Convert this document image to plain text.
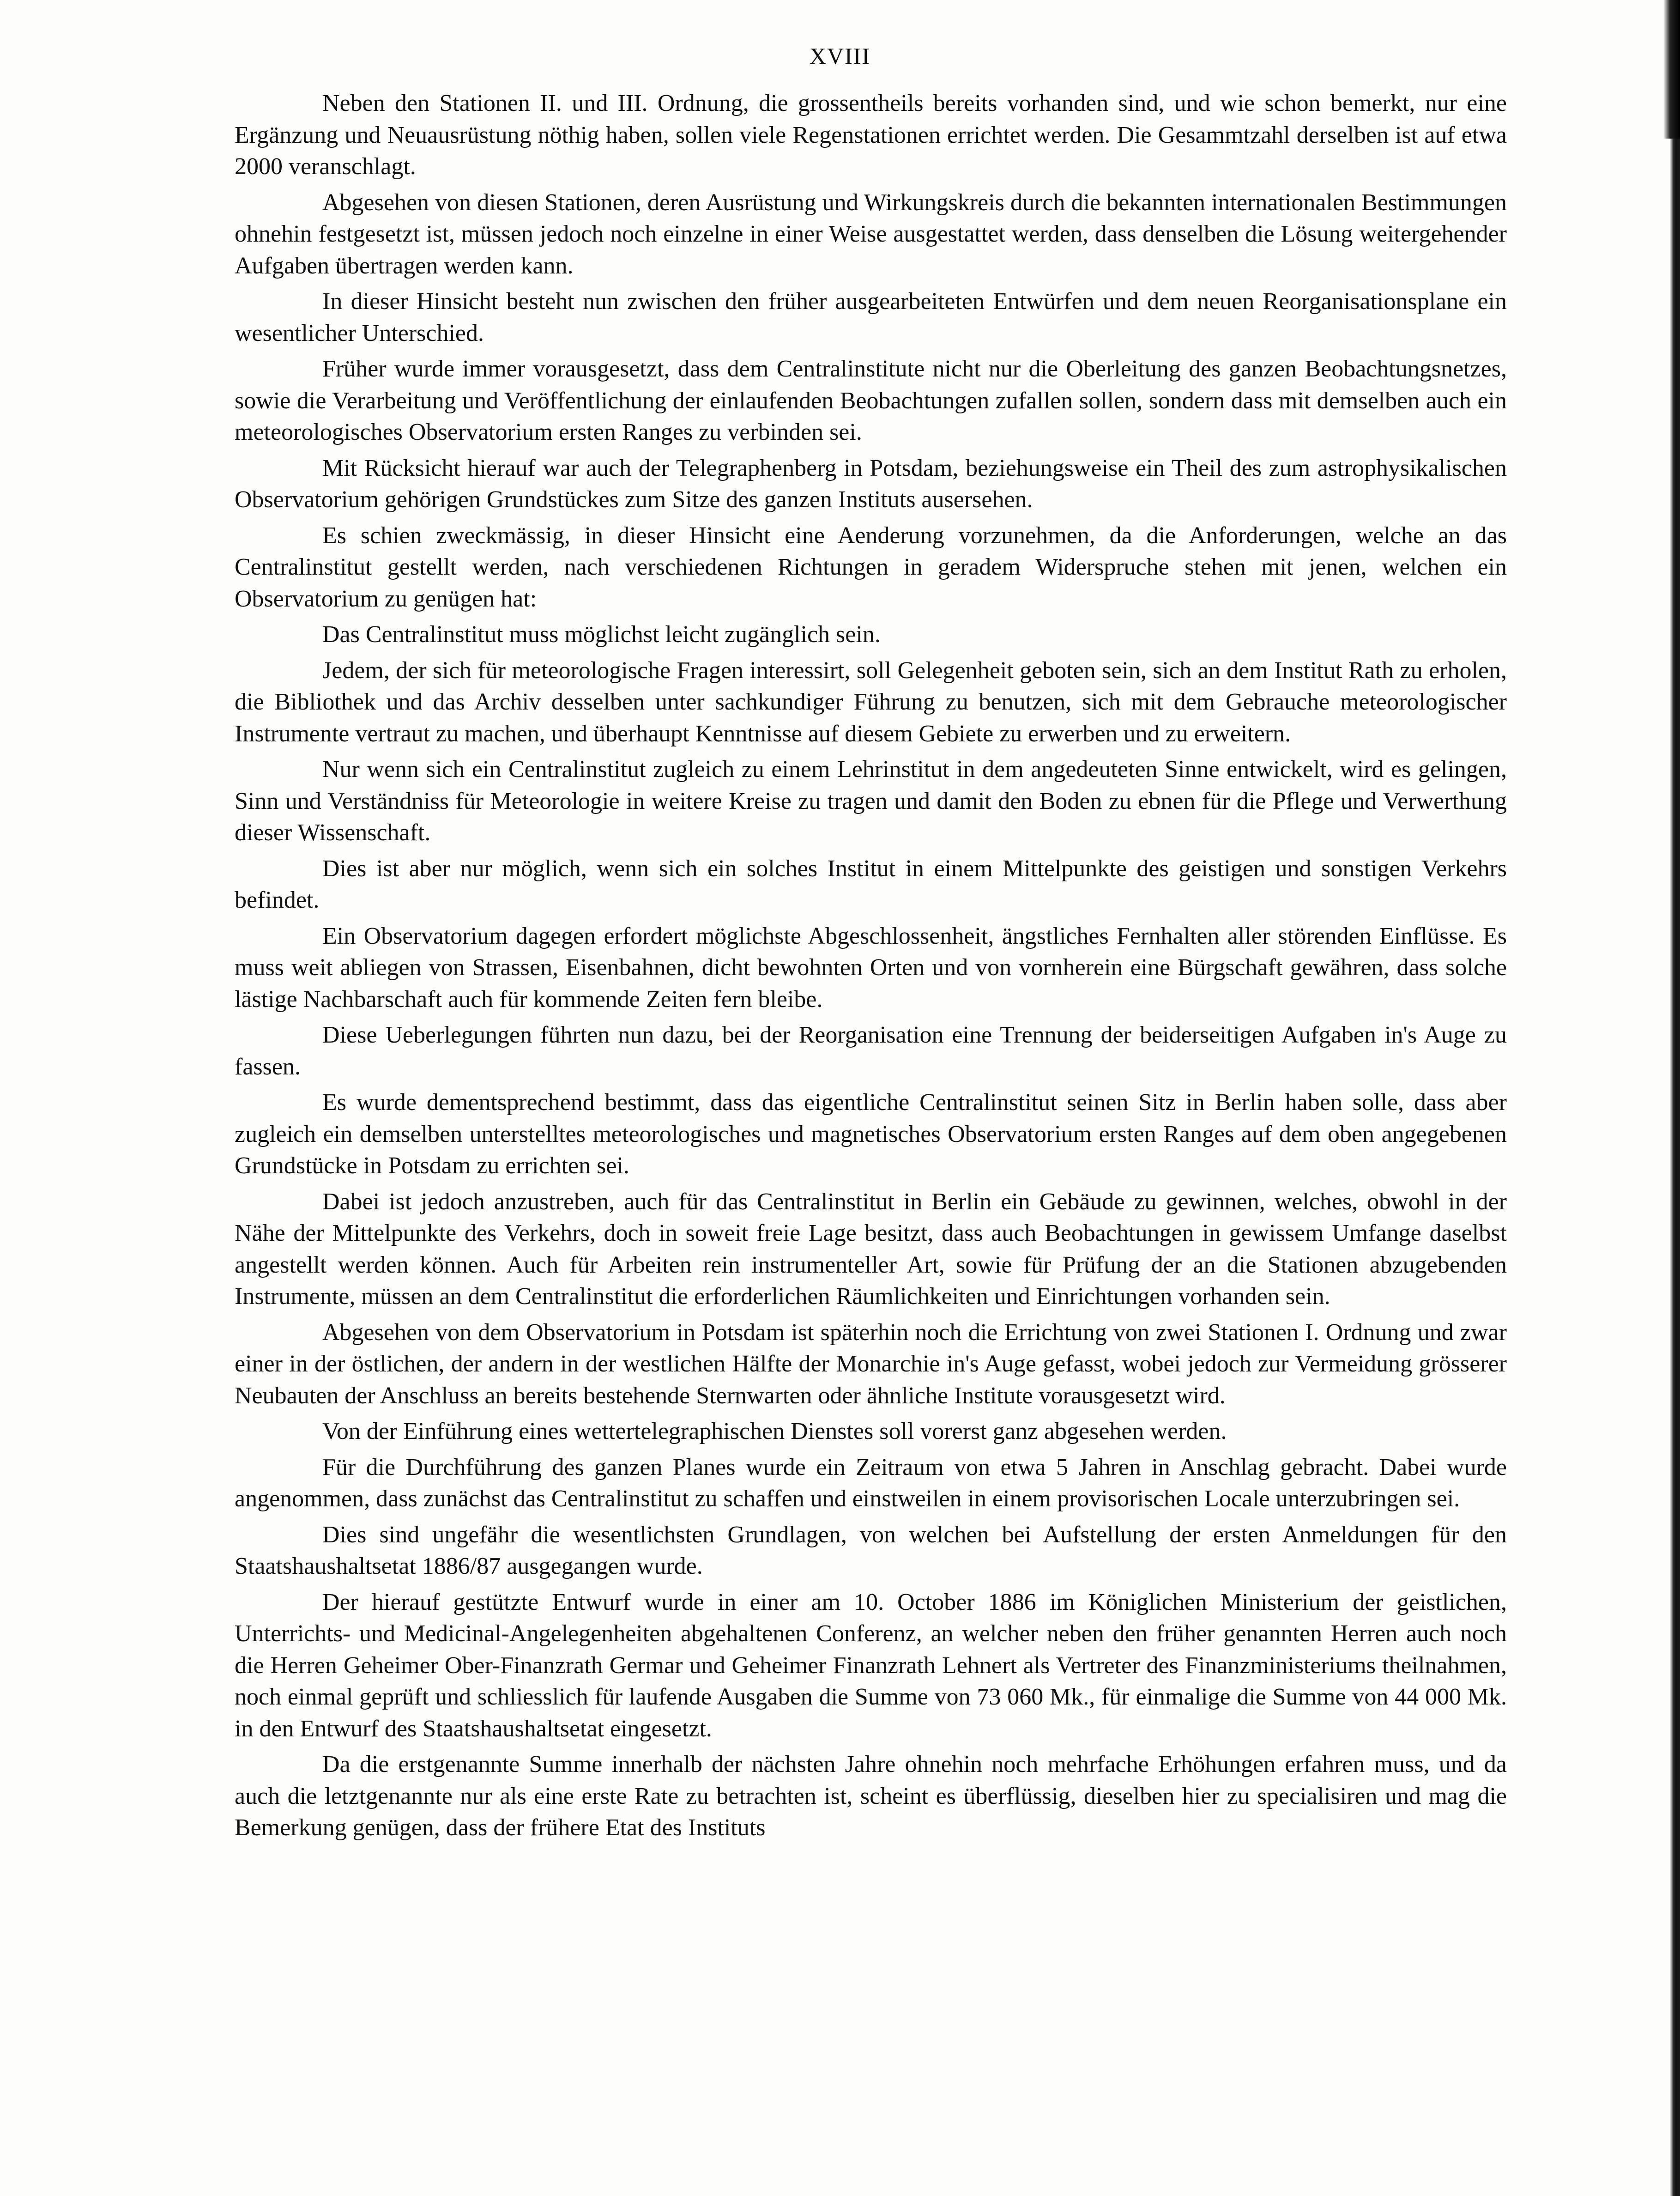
XVIII

Neben den Stationen II. und III. Ordnung, die grossentheils bereits vorhanden sind, und wie schon bemerkt, nur eine Ergänzung und Neuausrüstung nöthig haben, sollen viele Regenstationen errichtet werden. Die Gesammtzahl derselben ist auf etwa 2000 veranschlagt.

Abgesehen von diesen Stationen, deren Ausrüstung und Wirkungskreis durch die bekannten internationalen Bestimmungen ohnehin festgesetzt ist, müssen jedoch noch einzelne in einer Weise ausgestattet werden, dass denselben die Lösung weitergehender Aufgaben übertragen werden kann.

In dieser Hinsicht besteht nun zwischen den früher ausgearbeiteten Entwürfen und dem neuen Reorganisationsplane ein wesentlicher Unterschied.

Früher wurde immer vorausgesetzt, dass dem Centralinstitute nicht nur die Oberleitung des ganzen Beobachtungsnetzes, sowie die Verarbeitung und Veröffentlichung der einlaufenden Beobachtungen zufallen sollen, sondern dass mit demselben auch ein meteorologisches Observatorium ersten Ranges zu verbinden sei.

Mit Rücksicht hierauf war auch der Telegraphenberg in Potsdam, beziehungsweise ein Theil des zum astrophysikalischen Observatorium gehörigen Grundstückes zum Sitze des ganzen Instituts ausersehen.

Es schien zweckmässig, in dieser Hinsicht eine Aenderung vorzunehmen, da die Anforderungen, welche an das Centralinstitut gestellt werden, nach verschiedenen Richtungen in geradem Widerspruche stehen mit jenen, welchen ein Observatorium zu genügen hat:

Das Centralinstitut muss möglichst leicht zugänglich sein.

Jedem, der sich für meteorologische Fragen interessirt, soll Gelegenheit geboten sein, sich an dem Institut Rath zu erholen, die Bibliothek und das Archiv desselben unter sachkundiger Führung zu benutzen, sich mit dem Gebrauche meteorologischer Instrumente vertraut zu machen, und überhaupt Kenntnisse auf diesem Gebiete zu erwerben und zu erweitern.

Nur wenn sich ein Centralinstitut zugleich zu einem Lehrinstitut in dem angedeuteten Sinne entwickelt, wird es gelingen, Sinn und Verständniss für Meteorologie in weitere Kreise zu tragen und damit den Boden zu ebnen für die Pflege und Verwerthung dieser Wissenschaft.

Dies ist aber nur möglich, wenn sich ein solches Institut in einem Mittelpunkte des geistigen und sonstigen Verkehrs befindet.

Ein Observatorium dagegen erfordert möglichste Abgeschlossenheit, ängstliches Fernhalten aller störenden Einflüsse. Es muss weit abliegen von Strassen, Eisenbahnen, dicht bewohnten Orten und von vornherein eine Bürgschaft gewähren, dass solche lästige Nachbarschaft auch für kommende Zeiten fern bleibe.

Diese Ueberlegungen führten nun dazu, bei der Reorganisation eine Trennung der beiderseitigen Aufgaben in's Auge zu fassen.

Es wurde dementsprechend bestimmt, dass das eigentliche Centralinstitut seinen Sitz in Berlin haben solle, dass aber zugleich ein demselben unterstelltes meteorologisches und magnetisches Observatorium ersten Ranges auf dem oben angegebenen Grundstücke in Potsdam zu errichten sei.

Dabei ist jedoch anzustreben, auch für das Centralinstitut in Berlin ein Gebäude zu gewinnen, welches, obwohl in der Nähe der Mittelpunkte des Verkehrs, doch in soweit freie Lage besitzt, dass auch Beobachtungen in gewissem Umfange daselbst angestellt werden können. Auch für Arbeiten rein instrumenteller Art, sowie für Prüfung der an die Stationen abzugebenden Instrumente, müssen an dem Centralinstitut die erforderlichen Räumlichkeiten und Einrichtungen vorhanden sein.

Abgesehen von dem Observatorium in Potsdam ist späterhin noch die Errichtung von zwei Stationen I. Ordnung und zwar einer in der östlichen, der andern in der westlichen Hälfte der Monarchie in's Auge gefasst, wobei jedoch zur Vermeidung grösserer Neubauten der Anschluss an bereits bestehende Sternwarten oder ähnliche Institute vorausgesetzt wird.

Von der Einführung eines wettertelegraphischen Dienstes soll vorerst ganz abgesehen werden.

Für die Durchführung des ganzen Planes wurde ein Zeitraum von etwa 5 Jahren in Anschlag gebracht. Dabei wurde angenommen, dass zunächst das Centralinstitut zu schaffen und einstweilen in einem provisorischen Locale unterzubringen sei.

Dies sind ungefähr die wesentlichsten Grundlagen, von welchen bei Aufstellung der ersten Anmeldungen für den Staatshaushaltsetat 1886/87 ausgegangen wurde.

Der hierauf gestützte Entwurf wurde in einer am 10. October 1886 im Königlichen Ministerium der geistlichen, Unterrichts- und Medicinal-Angelegenheiten abgehaltenen Conferenz, an welcher neben den früher genannten Herren auch noch die Herren Geheimer Ober-Finanzrath Germar und Geheimer Finanzrath Lehnert als Vertreter des Finanzministeriums theilnahmen, noch einmal geprüft und schliesslich für laufende Ausgaben die Summe von 73 060 Mk., für einmalige die Summe von 44 000 Mk. in den Entwurf des Staatshaushaltsetat eingesetzt.

Da die erstgenannte Summe innerhalb der nächsten Jahre ohnehin noch mehrfache Erhöhungen erfahren muss, und da auch die letztgenannte nur als eine erste Rate zu betrachten ist, scheint es überflüssig, dieselben hier zu specialisiren und mag die Bemerkung genügen, dass der frühere Etat des Instituts
